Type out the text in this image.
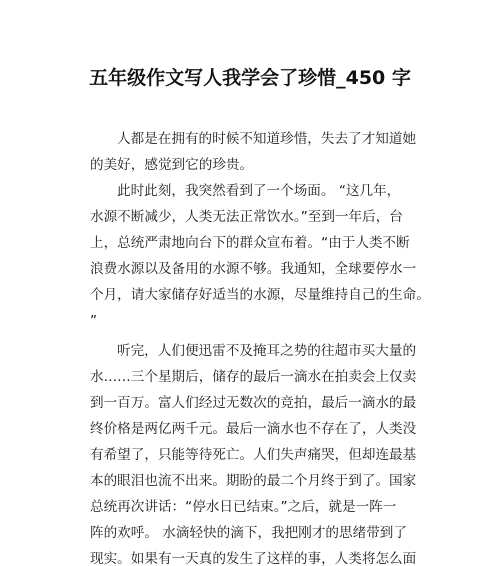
五年级作文写人我学会了珍惜_450 字
人都是在拥有的时候不知道珍惜，失去了才知道她
的美好，感觉到它的珍贵。
此时此刻，我突然看到了一个场面。 “这几年，
水源不断减少，人类无法正常饮水。”至到一年后，台
上，总统严肃地向台下的群众宣布着。“由于人类不断
浪费水源以及备用的水源不够。我通知，全球要停水一
个月，请大家储存好适当的水源，尽量维持自己的生命。
”
听完，人们便迅雷不及掩耳之势的往超市买大量的
水……三个星期后，储存的最后一滴水在拍卖会上仅卖
到一百万。富人们经过无数次的竞拍，最后一滴水的最
终价格是两亿两千元。最后一滴水也不存在了，人类没
有希望了，只能等待死亡。人们失声痛哭，但却连最基
本的眼泪也流不出来。期盼的最二个月终于到了。国家
总统再次讲话：“停水日已结束。”之后，就是一阵一
阵的欢呼。 水滴轻快的滴下，我把刚才的思绪带到了
现实。如果有一天真的发生了这样的事，人类将怎么面
